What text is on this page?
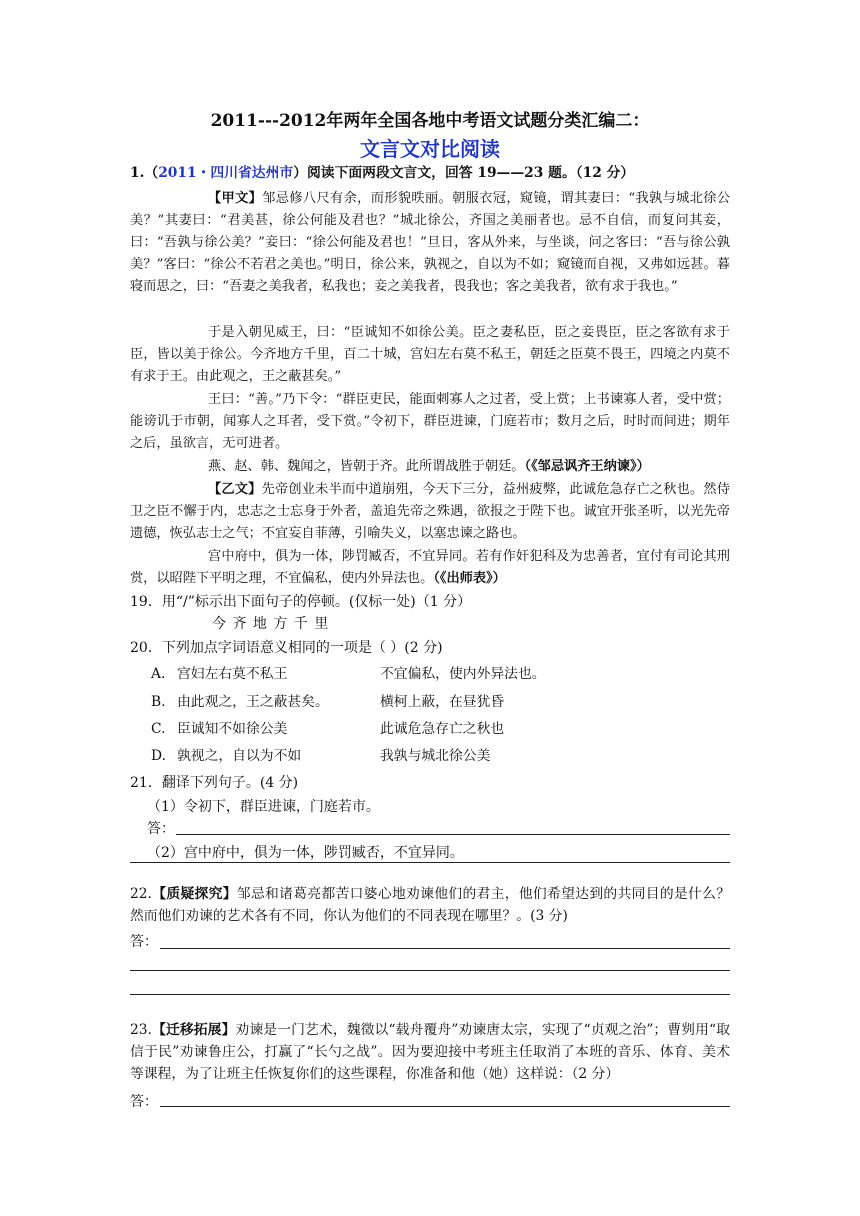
2011---2012年两年全国各地中考语文试题分类汇编二：
文言文对比阅读
1.（2011・四川省达州市）阅读下面两段文言文，回答 19——23 题。（12 分）
【甲文】邹忌修八尺有余，而形貌昳丽。朝服衣冠，窥镜，谓其妻曰：“我孰与城北徐公美？”其妻曰：“君美甚，徐公何能及君也？”城北徐公，齐国之美丽者也。忌不自信，而复问其妾，曰：“吾孰与徐公美？”妾曰：“徐公何能及君也！”旦日，客从外来，与坐谈，问之客曰：“吾与徐公孰美？”客曰：“徐公不若君之美也。”明日，徐公来，孰视之，自以为不如；窥镜而自视，又弗如远甚。暮寝而思之，曰：“吾妻之美我者，私我也；妾之美我者，畏我也；客之美我者，欲有求于我也。”
于是入朝见威王，曰：“臣诚知不如徐公美。臣之妻私臣，臣之妾畏臣，臣之客欲有求于臣，皆以美于徐公。今齐地方千里，百二十城，宫妇左右莫不私王，朝廷之臣莫不畏王，四境之内莫不有求于王。由此观之，王之蔽甚矣。”
王曰：“善。”乃下令：“群臣吏民，能面刺寡人之过者，受上赏；上书谏寡人者，受中赏；能谤讥于市朝，闻寡人之耳者，受下赏。”令初下，群臣进谏，门庭若市；数月之后，时时而间进；期年之后，虽欲言，无可进者。
燕、赵、韩、魏闻之，皆朝于齐。此所谓战胜于朝廷。（《邹忌讽齐王纳谏》）
【乙文】先帝创业未半而中道崩殂，今天下三分，益州疲弊，此诚危急存亡之秋也。然侍卫之臣不懈于内，忠志之士忘身于外者，盖追先帝之殊遇，欲报之于陛下也。诚宜开张圣听，以光先帝遗德，恢弘志士之气；不宜妄自菲薄，引喻失义，以塞忠谏之路也。
宫中府中，俱为一体，陟罚臧否，不宜异同。若有作奸犯科及为忠善者，宜付有司论其刑赏，以昭陛下平明之理，不宜偏私，使内外异法也。（《出师表》）
19．用“/”标示出下面句子的停顿。(仅标一处)（1 分）
今 齐 地 方 千 里
20．下列加点字词语意义相同的一项是（ ）(2 分)
A. 宫妇左右莫不私王	不宜偏私，使内外异法也。
B. 由此观之，王之蔽甚矣。	横柯上蔽，在昼犹昏
C. 臣诚知不如徐公美	此诚危急存亡之秋也
D. 孰视之，自以为不如	我孰与城北徐公美
21．翻译下列句子。(4 分)
（1）令初下，群臣进谏，门庭若市。
答：
（2）宫中府中，俱为一体，陟罚臧否，不宜异同。
22.【质疑探究】邹忌和诸葛亮都苦口婆心地劝谏他们的君主，他们希望达到的共同目的是什么？然而他们劝谏的艺术各有不同，你认为他们的不同表现在哪里？。(3 分)
答：
23.【迁移拓展】劝谏是一门艺术，魏徵以“载舟覆舟”劝谏唐太宗，实现了“贞观之治”；曹刿用“取信于民”劝谏鲁庄公，打赢了“长勺之战”。因为要迎接中考班主任取消了本班的音乐、体育、美术等课程，为了让班主任恢复你们的这些课程，你准备和他（她）这样说：（2 分）
答：
